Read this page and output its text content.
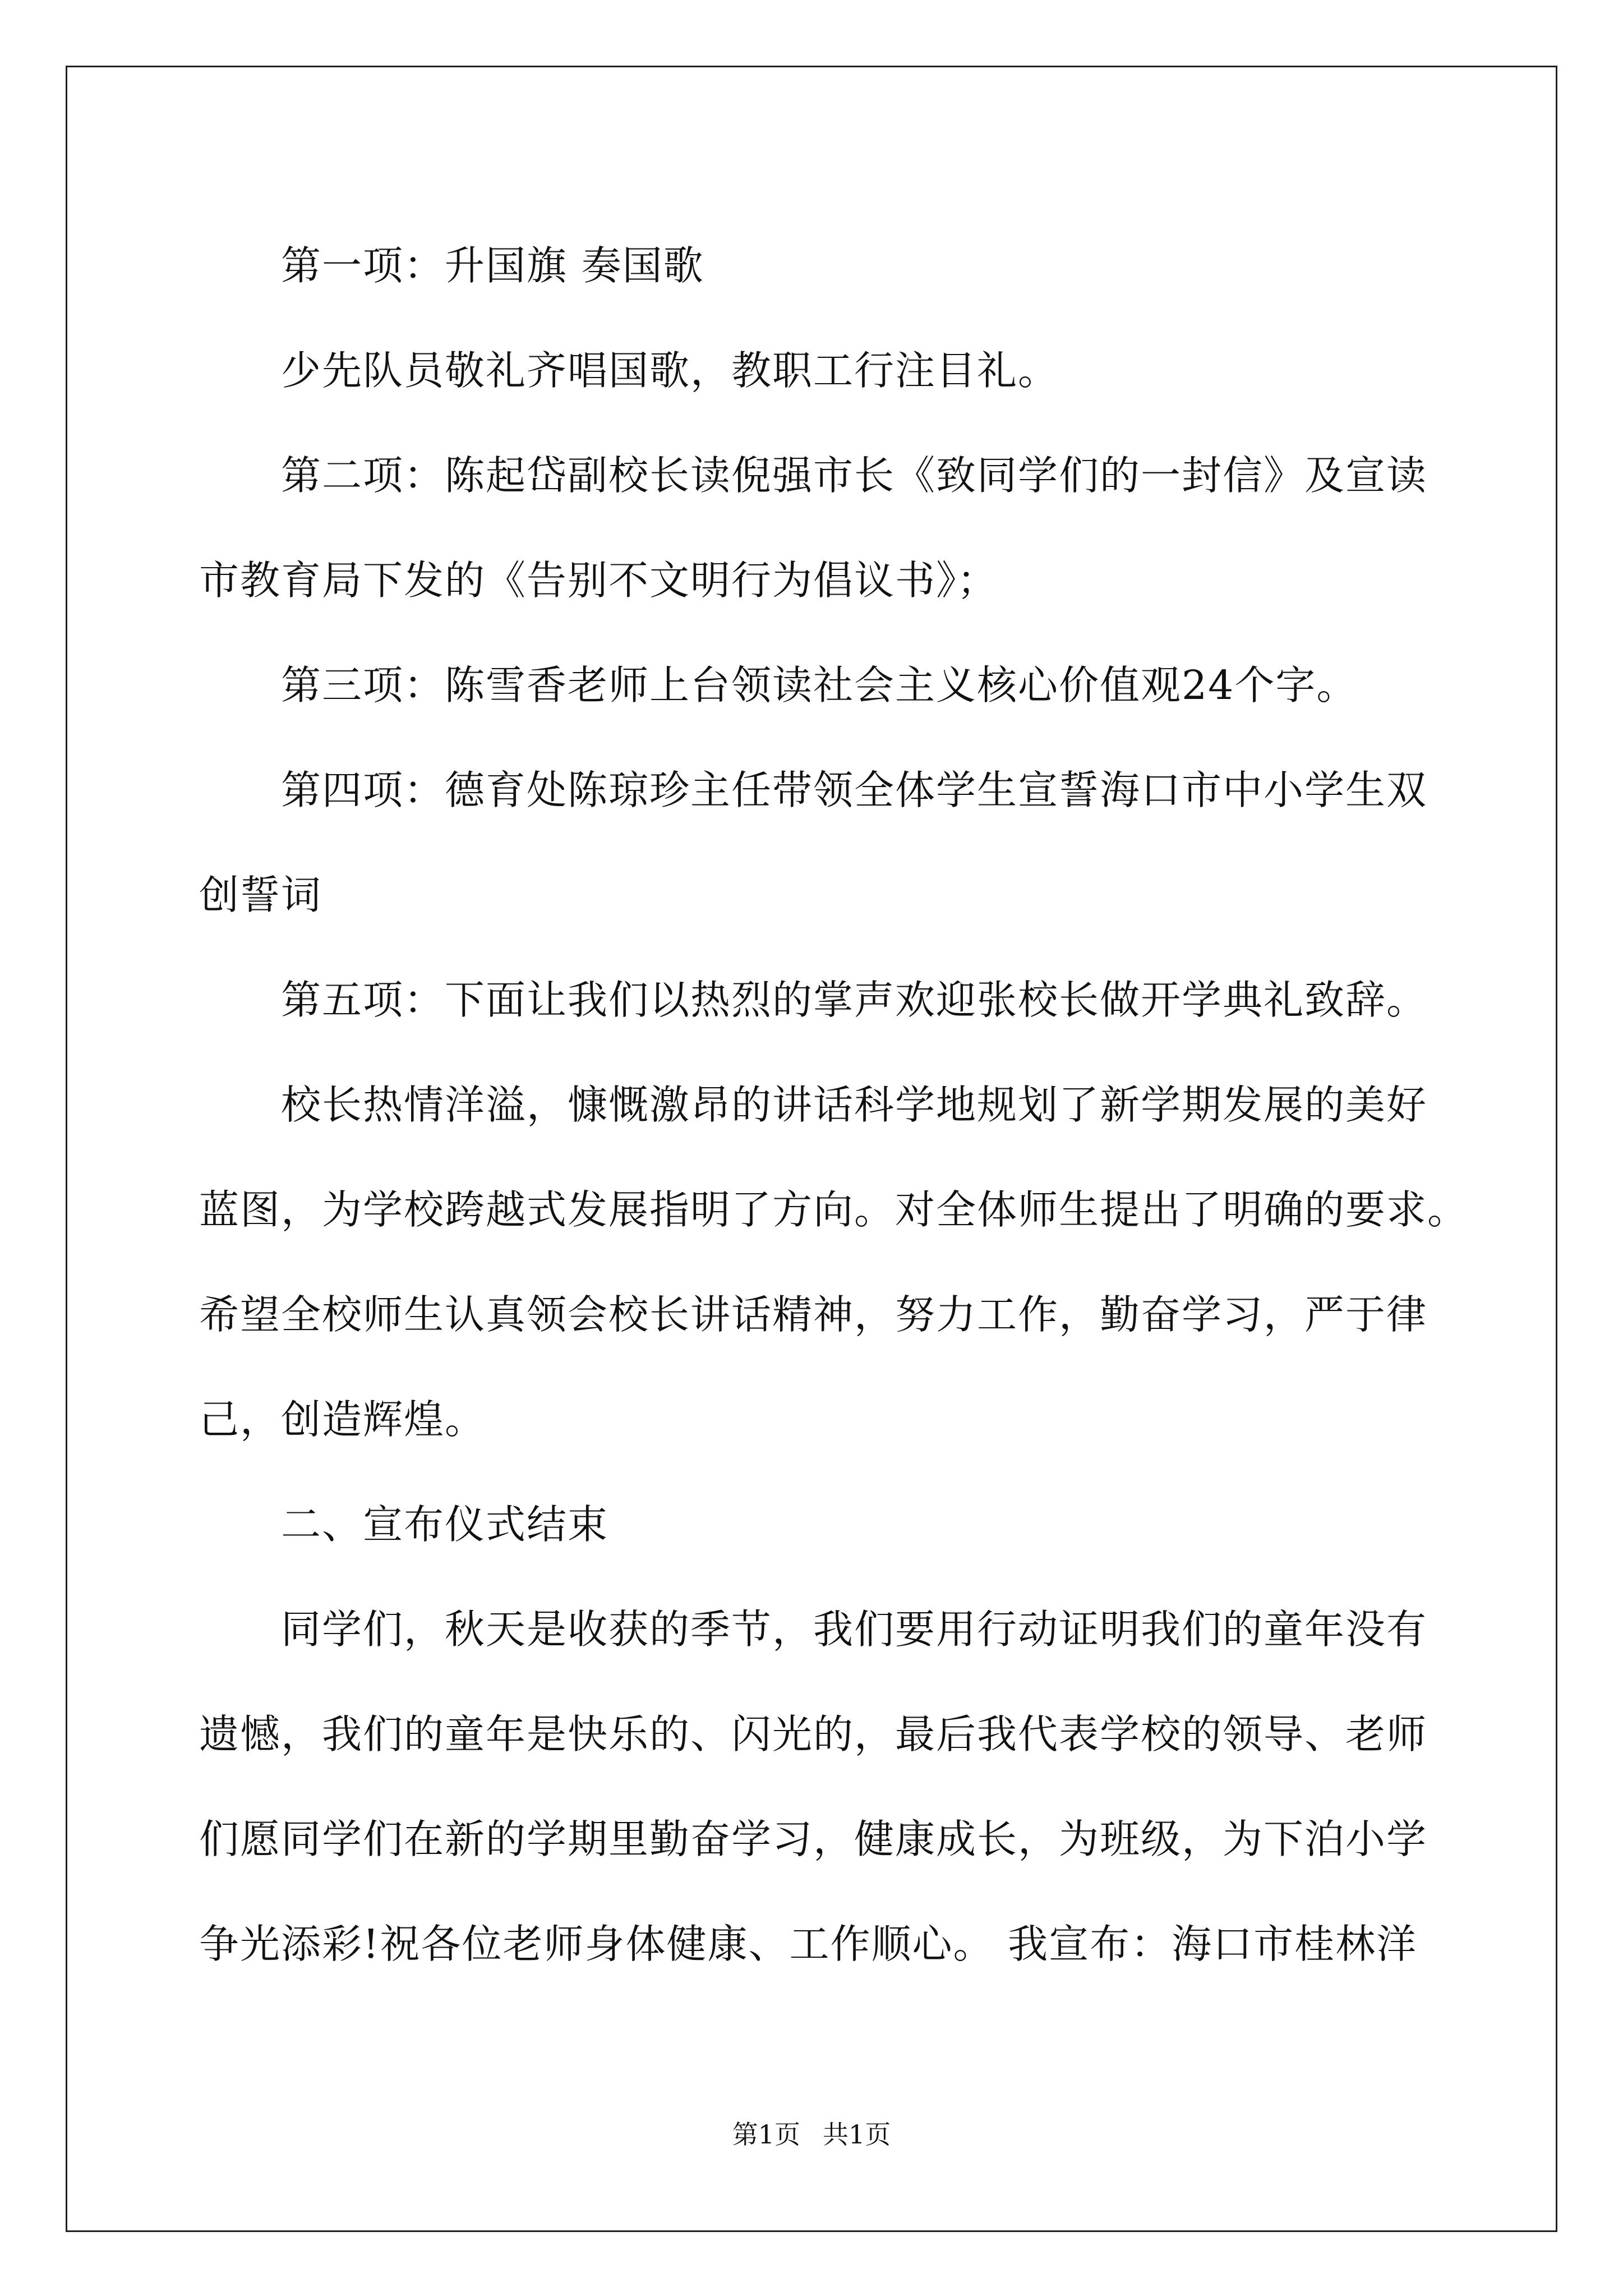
　　第一项：升国旗 奏国歌

　　少先队员敬礼齐唱国歌，教职工行注目礼。

　　第二项：陈起岱副校长读倪强市长《致同学们的一封信》及宣读

市教育局下发的《告别不文明行为倡议书》；

　　第三项：陈雪香老师上台领读社会主义核心价值观24个字。

　　第四项：德育处陈琼珍主任带领全体学生宣誓海口市中小学生双

创誓词

　　第五项：下面让我们以热烈的掌声欢迎张校长做开学典礼致辞。

　　校长热情洋溢，慷慨激昂的讲话科学地规划了新学期发展的美好

蓝图，为学校跨越式发展指明了方向。对全体师生提出了明确的要求。

希望全校师生认真领会校长讲话精神，努力工作，勤奋学习，严于律

己，创造辉煌。

　　二、宣布仪式结束

　　同学们，秋天是收获的季节，我们要用行动证明我们的童年没有

遗憾，我们的童年是快乐的、闪光的，最后我代表学校的领导、老师

们愿同学们在新的学期里勤奋学习，健康成长，为班级，为下泊小学

争光添彩!祝各位老师身体健康、工作顺心。 我宣布：海口市桂林洋

第1页 共1页
